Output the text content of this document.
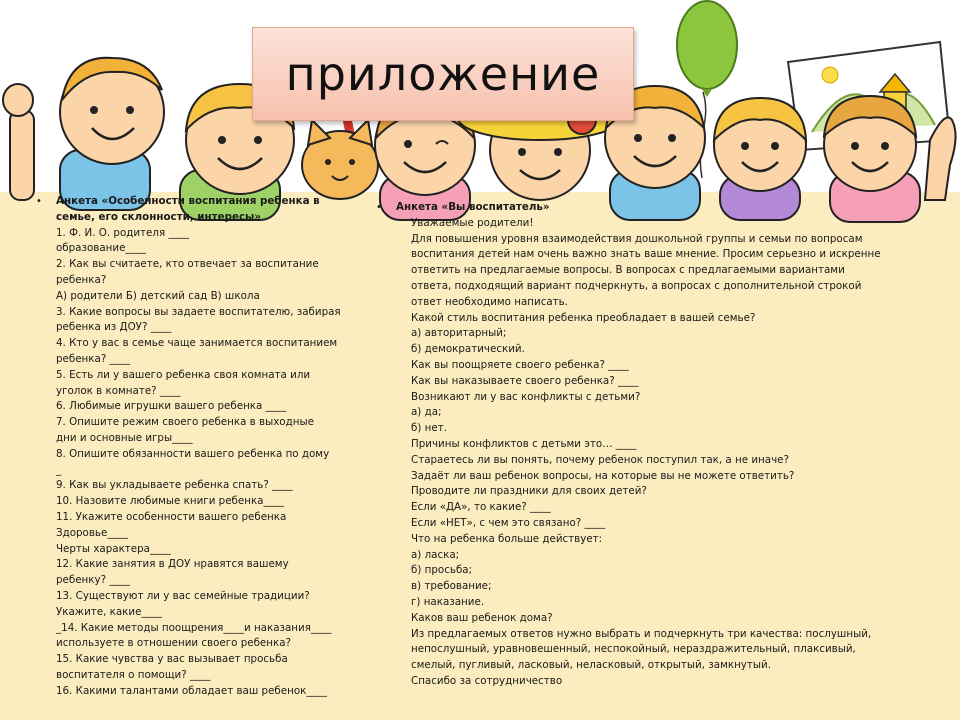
приложение
•	Анкета «Особенности воспитания ребенка в семье, его склонности, интересы»
1. Ф. И. О. родителя ____
образование____
2. Как вы считаете, кто отвечает за воспитание
ребенка?
А) родители Б) детский сад В) школа
3. Какие вопросы вы задаете воспитателю, забирая
ребенка из ДОУ? ____
4. Кто у вас в семье чаще занимается воспитанием
ребенка? ____
5. Есть ли у вашего ребенка своя комната или
уголок в комнате? ____
6. Любимые игрушки вашего ребенка ____
7. Опишите режим своего ребенка в выходные
дни и основные игры____
8. Опишите обязанности вашего ребенка по дому
_
9. Как вы укладываете ребенка спать? ____
10. Назовите любимые книги ребенка____
11. Укажите особенности вашего ребенка
Здоровье____
Черты характера____
12. Какие занятия в ДОУ нравятся вашему
ребенку? ____
13. Существуют ли у вас семейные традиции?
Укажите, какие____
_14. Какие методы поощрения____и наказания____
используете в отношении своего ребенка?
15. Какие чувства у вас вызывает просьба
воспитателя о помощи? ____
16. Какими талантами обладает ваш ребенок____
•	Анкета «Вы воспитатель»
Уважаемые родители!
Для повышения уровня взаимодействия дошкольной группы и семьи по вопросам
воспитания детей нам очень важно знать ваше мнение. Просим серьезно и искренне
ответить на предлагаемые вопросы. В вопросах с предлагаемыми вариантами
ответа, подходящий вариант подчеркнуть, а вопросах с дополнительной строкой
ответ необходимо написать.
Какой стиль воспитания ребенка преобладает в вашей семье?
а) авторитарный;
б) демократический.
Как вы поощряете своего ребенка? ____
Как вы наказываете своего ребенка? ____
Возникают ли у вас конфликты с детьми?
а) да;
б) нет.
Причины конфликтов с детьми это… ____
Стараетесь ли вы понять, почему ребенок поступил так, а не иначе?
Задаёт ли ваш ребенок вопросы, на которые вы не можете ответить?
Проводите ли праздники для своих детей?
Если «ДА», то какие? ____
Если «НЕТ», с чем это связано? ____
Что на ребенка больше действует:
а) ласка;
б) просьба;
в) требование;
г) наказание.
Каков ваш ребенок дома?
Из предлагаемых ответов нужно выбрать и подчеркнуть три качества: послушный,
непослушный, уравновешенный, неспокойный, нераздражительный, плаксивый,
смелый, пугливый, ласковый, неласковый, открытый, замкнутый.
Спасибо за сотрудничество
